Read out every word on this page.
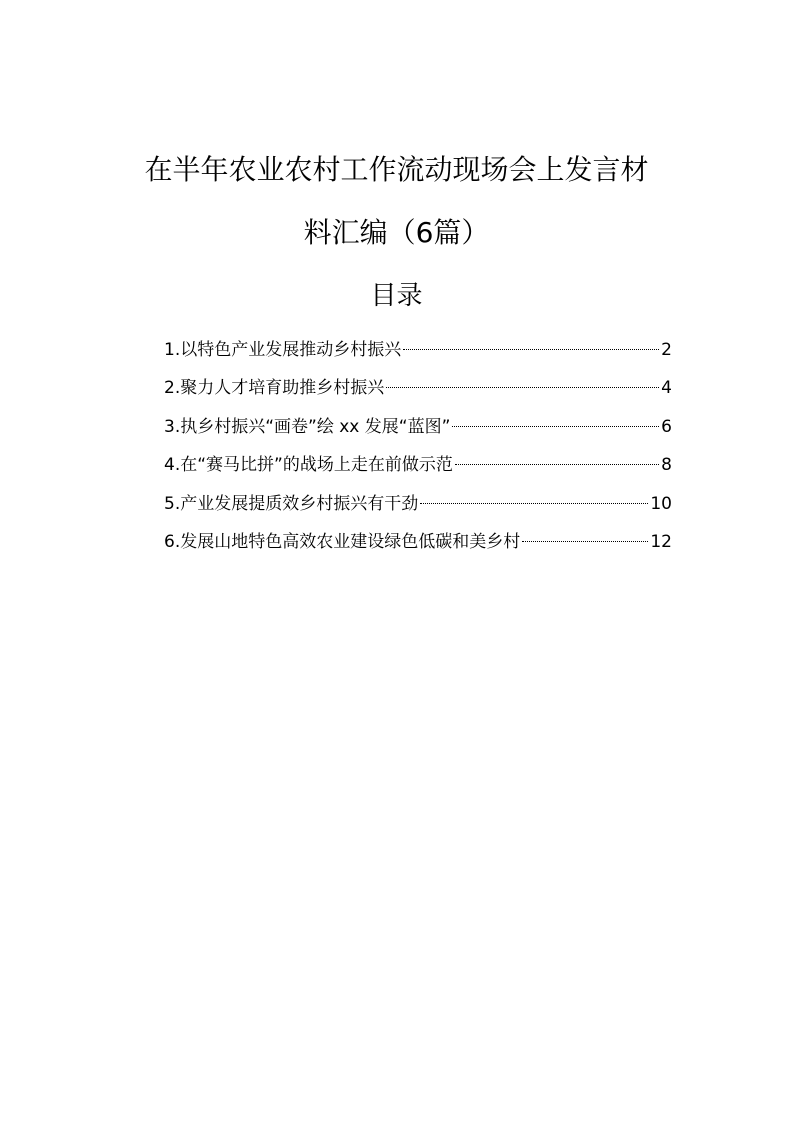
在半年农业农村工作流动现场会上发言材
料汇编（6篇）
目录
1.以特色产业发展推动乡村振兴	2
2.聚力人才培育助推乡村振兴	4
3.执乡村振兴“画卷”绘 xx 发展“蓝图”	6
4.在“赛马比拼”的战场上走在前做示范	8
5.产业发展提质效乡村振兴有干劲	10
6.发展山地特色高效农业建设绿色低碳和美乡村	12
